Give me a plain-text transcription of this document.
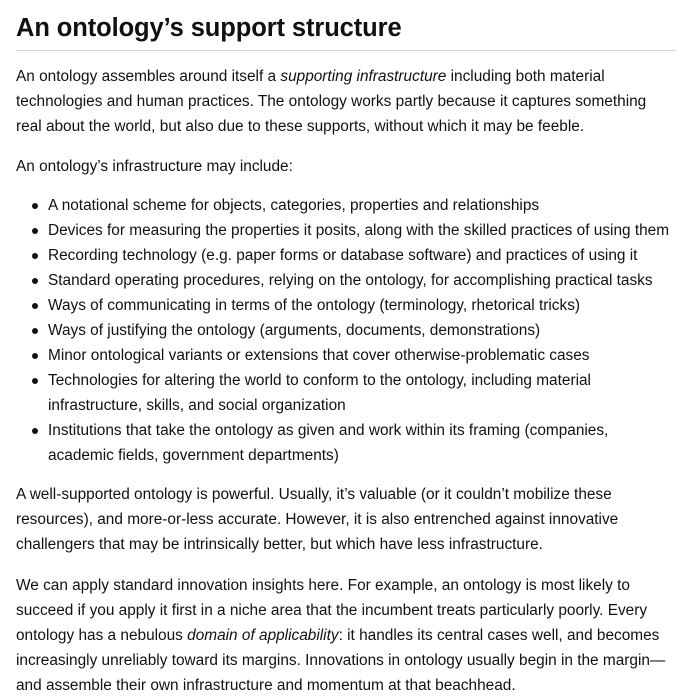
An ontology’s support structure

An ontology assembles around itself a supporting infrastructure including both material technologies and human practices. The ontology works partly because it captures something real about the world, but also due to these supports, without which it may be feeble.

An ontology’s infrastructure may include:

A notational scheme for objects, categories, properties and relationships
Devices for measuring the properties it posits, along with the skilled practices of using them
Recording technology (e.g. paper forms or database software) and practices of using it
Standard operating procedures, relying on the ontology, for accomplishing practical tasks
Ways of communicating in terms of the ontology (terminology, rhetorical tricks)
Ways of justifying the ontology (arguments, documents, demonstrations)
Minor ontological variants or extensions that cover otherwise-problematic cases
Technologies for altering the world to conform to the ontology, including material infrastructure, skills, and social organization
Institutions that take the ontology as given and work within its framing (companies, academic fields, government departments)

A well-supported ontology is powerful. Usually, it’s valuable (or it couldn’t mobilize these resources), and more-or-less accurate. However, it is also entrenched against innovative challengers that may be intrinsically better, but which have less infrastructure.

We can apply standard innovation insights here. For example, an ontology is most likely to succeed if you apply it first in a niche area that the incumbent treats particularly poorly. Every ontology has a nebulous domain of applicability: it handles its central cases well, and becomes increasingly unreliably toward its margins. Innovations in ontology usually begin in the margin—and assemble their own infrastructure and momentum at that beachhead.
